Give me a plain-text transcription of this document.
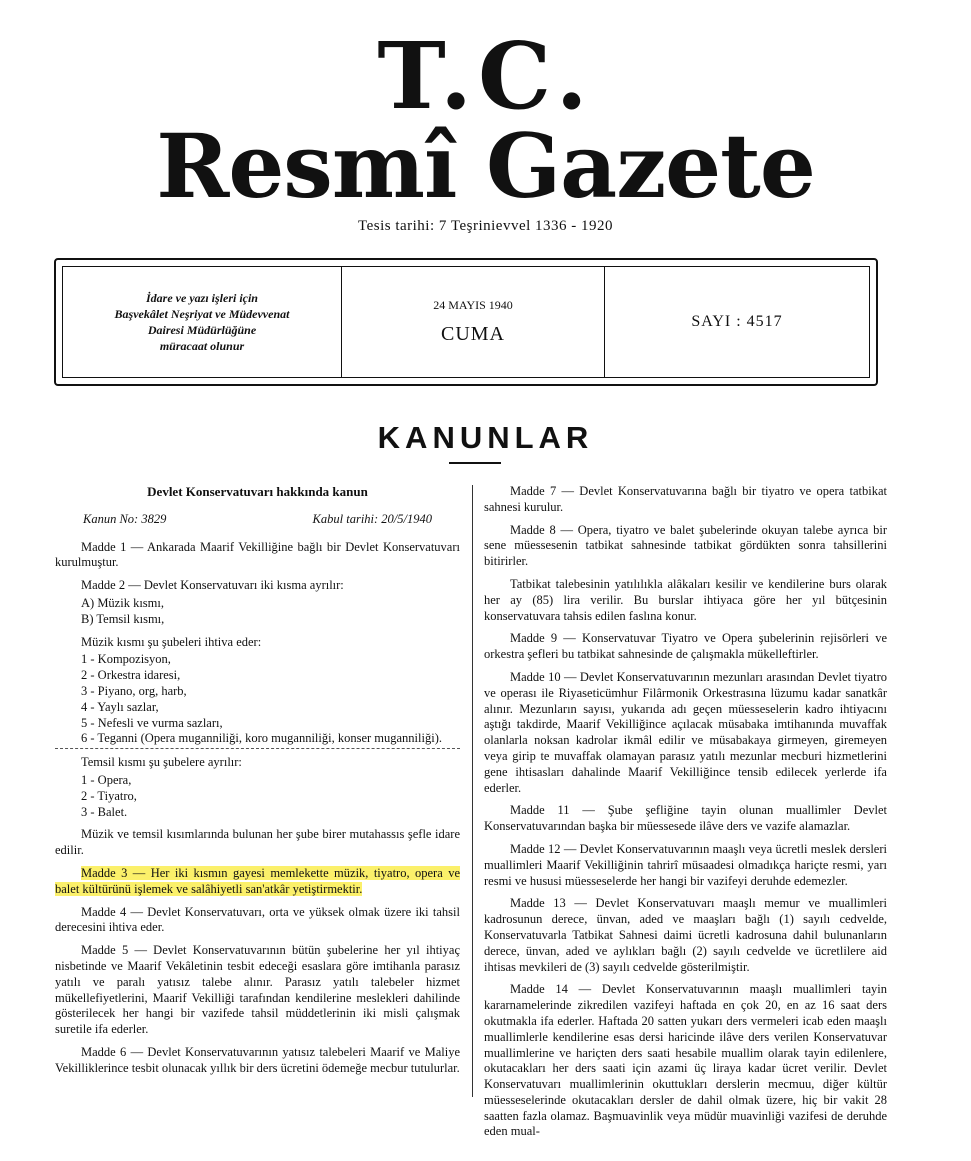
T.C.
Resmî Gazete
Tesis tarihi: 7 Teşrinievvel 1336 - 1920
İdare ve yazı işleri için
Başvekâlet Neşriyat ve Müdevvenat
Dairesi Müdürlüğüne
müracaat olunur
24 MAYIS 1940
CUMA
SAYI : 4517
KANUNLAR
Devlet Konservatuvarı hakkında kanun
Kanun No: 3829	Kabul tarihi: 20/5/1940

Madde 1 — Ankarada Maarif Vekilliğine bağlı bir Devlet Konservatuvarı kurulmuştur.

Madde 2 — Devlet Konservatuvarı iki kısma ayrılır:

A) Müzik kısmı,
B) Temsil kısmı,
Müzik kısmı şu şubeleri ihtiva eder:
1 - Kompozisyon,
2 - Orkestra idaresi,
3 - Piyano, org, harb,
4 - Yaylı sazlar,
5 - Nefesli ve vurma sazları,

6 - Teganni (Opera muganniliği, koro muganniliği, konser muganniliği).

Temsil kısmı şu şubelere ayrılır:
1 - Opera,
2 - Tiyatro,
3 - Balet.

Müzik ve temsil kısımlarında bulunan her şube birer mutahassıs şefle idare edilir.

Madde 3 — Her iki kısmın gayesi memlekette müzik, tiyatro, opera ve balet kültürünü işlemek ve salâhiyetli san'atkâr yetiştirmektir.

Madde 4 — Devlet Konservatuvarı, orta ve yüksek olmak üzere iki tahsil derecesini ihtiva eder.

Madde 5 — Devlet Konservatuvarının bütün şubelerine her yıl ihtiyaç nisbetinde ve Maarif Vekâletinin tesbit edeceği esaslara göre imtihanla parasız yatılı ve paralı yatısız talebe alınır. Parasız yatılı talebeler hizmet mükellefiyetlerini, Maarif Vekilliği tarafından kendilerine meslekleri dahilinde gösterilecek her hangi bir vazifede tahsil müddetlerinin iki misli çalışmak suretile ifa ederler.

Madde 6 — Devlet Konservatuvarının yatısız talebeleri Maarif ve Maliye Vekilliklerince tesbit olunacak yıllık bir ders ücretini ödemeğe mecbur tutulurlar.

Madde 7 — Devlet Konservatuvarına bağlı bir tiyatro ve opera tatbikat sahnesi kurulur.

Madde 8 — Opera, tiyatro ve balet şubelerinde okuyan talebe ayrıca bir sene müessesenin tatbikat sahnesinde tatbikat gördükten sonra tahsillerini bitirirler.

Tatbikat talebesinin yatılılıkla alâkaları kesilir ve kendilerine burs olarak her ay (85) lira verilir. Bu burslar ihtiyaca göre her yıl bütçesinin konservatuvara tahsis edilen faslına konur.

Madde 9 — Konservatuvar Tiyatro ve Opera şubelerinin rejisörleri ve orkestra şefleri bu tatbikat sahnesinde de çalışmakla mükelleftirler.

Madde 10 — Devlet Konservatuvarının mezunları arasından Devlet tiyatro ve operası ile Riyaseticümhur Filârmonik Orkestrasına lüzumu kadar sanatkâr alınır. Mezunların sayısı, yukarıda adı geçen müesseselerin kadro ihtiyacını aştığı takdirde, Maarif Vekilliğince açılacak müsabaka imtihanında muvaffak olanlarla noksan kadrolar ikmâl edilir ve müsabakaya girmeyen, giremeyen veya girip te muvaffak olamayan parasız yatılı mezunlar mecburi hizmetlerini gene ihtisasları dahalinde Maarif Vekilliğince tensib edilecek yerlerde ifa ederler.

Madde 11 — Şube şefliğine tayin olunan muallimler Devlet Konservatuvarından başka bir müessesede ilâve ders ve vazife alamazlar.

Madde 12 — Devlet Konservatuvarının maaşlı veya ücretli meslek dersleri muallimleri Maarif Vekilliğinin tahrirî müsaadesi olmadıkça hariçte resmi, yarı resmi ve hususi müesseselerde her hangi bir vazifeyi deruhde edemezler.

Madde 13 — Devlet Konservatuvarı maaşlı memur ve muallimleri kadrosunun derece, ünvan, aded ve maaşları bağlı (1) sayılı cedvelde, Konservatuvarla Tatbikat Sahnesi daimi ücretli kadrosuna dahil bulunanların derece, ünvan, aded ve aylıkları bağlı (2) sayılı cedvelde ve ücretlilere aid ihtisas mevkileri de (3) sayılı cedvelde gösterilmiştir.

Madde 14 — Devlet Konservatuvarının maaşlı muallimleri tayin kararnamelerinde zikredilen vazifeyi haftada en çok 20, en az 16 saat ders okutmakla ifa ederler. Haftada 20 satten yukarı ders vermeleri icab eden maaşlı muallimlerle kendilerine esas dersi haricinde ilâve ders verilen Konservatuvar muallimlerine ve hariçten ders saati hesabile muallim olarak tayin edilenlere, okutacakları her ders saati için azami üç liraya kadar ücret verilir. Devlet Konservatuvarı muallimlerinin okuttukları derslerin mecmuu, diğer kültür müesseselerinde okutacakları dersler de dahil olmak üzere, hiç bir vakit 28 saatten fazla olamaz. Başmuavinlik veya müdür muavinliği vazifesi de deruhde eden mual-
